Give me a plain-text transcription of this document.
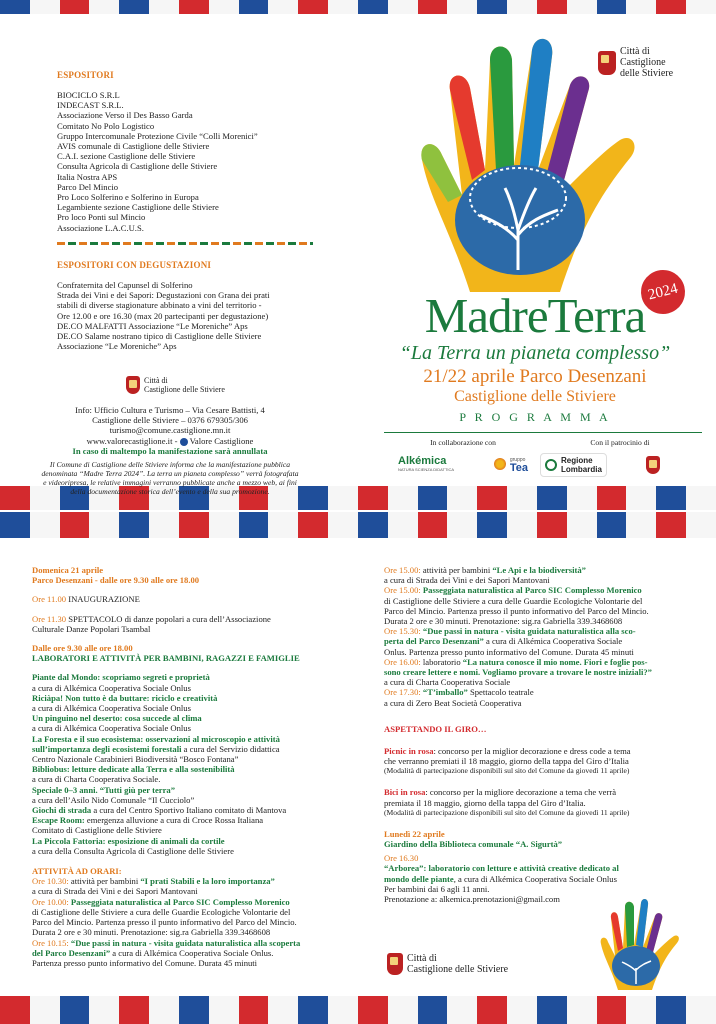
ESPOSITORI
BIOCICLO S.R.L
INDECAST S.R.L.
Associazione Verso il Des Basso Garda
Comitato No Polo Logistico
Gruppo Intercomunale Protezione Civile “Colli Morenici”
AVIS comunale di Castiglione delle Stiviere
C.A.I. sezione Castiglione delle Stiviere
Consulta Agricola di Castiglione delle Stiviere
Italia Nostra APS
Parco Del Mincio
Pro Loco Solferino e Solferino in Europa
Legambiente sezione Castiglione delle Stiviere
Pro loco Ponti sul Mincio
Associazione L.A.C.U.S.
ESPOSITORI CON DEGUSTAZIONI
Confraternita del Capunsel di Solferino
Strada dei Vini e dei Sapori: Degustazioni con Grana dei prati
stabili di diverse stagionature abbinato a vini del territorio -
Ore 12.00 e ore 16.30 (max 20 partecipanti per degustazione)
DE.CO MALFATTI Associazione “Le Moreniche” Aps
DE.CO Salame nostrano tipico di Castiglione delle Stiviere
Associazione “Le Moreniche” Aps
Città di
Castiglione delle Stiviere
Info: Ufficio Cultura e Turismo – Via Cesare Battisti, 4
Castiglione delle Stiviere – 0376 679305/306
turismo@comune.castiglione.mn.it
www.valorecastiglione.it - Valore Castiglione
In caso di maltempo la manifestazione sarà annullata
Il Comune di Castiglione delle Stiviere informa che la manifestazione pubblica
denominata “Madre Terra 2024”. La terra un pianeta complesso” verrà fotografata
e videoripresa, le relative immagini verranno pubblicate anche a mezzo web, ai fini
della documentazione storica dell’evento e della sua promozione.
Città di
Castiglione
delle Stiviere
2024
MadreTerra
“La Terra un pianeta complesso”
21/22 aprile Parco Desenzani
Castiglione delle Stiviere
P R O G R A M M A
In collaborazione con
Alkémica
NATURA SCIENZA DIDATTICA
gruppo
Tea
Con il patrocinio di
Regione
Lombardia
Domenica 21 aprile
Parco Desenzani - dalle ore 9.30 alle ore 18.00
Ore 11.00 INAUGURAZIONE
Ore 11.30 SPETTACOLO di danze popolari a cura dell’Associazione
Culturale Danze Popolari Tsambal
Dalle ore 9.30 alle ore 18.00
LABORATORI E ATTIVITÀ PER BAMBINI, RAGAZZI E FAMIGLIE
Piante dal Mondo: scopriamo segreti e proprietà
a cura di Alkémica Cooperativa Sociale Onlus
Riciàpa! Non tutto è da buttare: riciclo e creatività
a cura di Alkémica Cooperativa Sociale Onlus
Un pinguino nel deserto: cosa succede al clima
a cura di Alkémica Cooperativa Sociale Onlus
La Foresta e il suo ecosistema: osservazioni al microscopio e attività
sull’importanza degli ecosistemi forestali a cura del Servizio didattica
Centro Nazionale Carabinieri Biodiversità “Bosco Fontana”
Bibliobus: letture dedicate alla Terra e alla sostenibilità
a cura di Charta Cooperativa Sociale.
Speciale 0–3 anni. “Tutti giù per terra”
a cura dell’Asilo Nido Comunale “Il Cucciolo”
Giochi di strada a cura del Centro Sportivo Italiano comitato di Mantova
Escape Room: emergenza alluvione a cura di Croce Rossa Italiana
Comitato di Castiglione delle Stiviere
La Piccola Fattoria: esposizione di animali da cortile
a cura della Consulta Agricola di Castiglione delle Stiviere
ATTIVITÀ AD ORARI:
Ore 10.30: attività per bambini “I prati Stabili e la loro importanza”
a cura di Strada dei Vini e dei Sapori Mantovani
Ore 10.00: Passeggiata naturalistica al Parco SIC Complesso Morenico
di Castiglione delle Stiviere a cura delle Guardie Ecologiche Volontarie del
Parco del Mincio. Partenza presso il punto informativo del Parco del Mincio.
Durata 2 ore e 30 minuti. Prenotazione: sig.ra Gabriella 339.3468608
Ore 10.15: “Due passi in natura - visita guidata naturalistica alla scoperta
del Parco Desenzani” a cura di Alkémica Cooperativa Sociale Onlus.
Partenza presso punto informativo del Comune. Durata 45 minuti
Ore 15.00: attività per bambini “Le Api e la biodiversità”
a cura di Strada dei Vini e dei Sapori Mantovani
Ore 15.00: Passeggiata naturalistica al Parco SIC Complesso Morenico
di Castiglione delle Stiviere a cura delle Guardie Ecologiche Volontarie del
Parco del Mincio. Partenza presso il punto informativo del Parco del Mincio.
Durata 2 ore e 30 minuti. Prenotazione: sig.ra Gabriella 339.3468608
Ore 15.30: “Due passi in natura - visita guidata naturalistica alla sco-
perta del Parco Desenzani” a cura di Alkémica Cooperativa Sociale
Onlus. Partenza presso punto informativo del Comune. Durata 45 minuti
Ore 16.00: laboratorio “La natura conosce il mio nome. Fiori e foglie pos-
sono creare lettere e nomi. Vogliamo provare a trovare le nostre iniziali?”
a cura di Charta Cooperativa Sociale
Ore 17.30: “T’imballo” Spettacolo teatrale
a cura di Zero Beat Società Cooperativa
ASPETTANDO IL GIRO…
Picnic in rosa: concorso per la miglior decorazione e dress code a tema
che verranno premiati il 18 maggio, giorno della tappa del Giro d’Italia
(Modalità di partecipazione disponibili sul sito del Comune da giovedì 11 aprile)
Bici in rosa: concorso per la migliore decorazione a tema che verrà
premiata il 18 maggio, giorno della tappa del Giro d’Italia.
(Modalità di partecipazione disponibili sul sito del Comune da giovedì 11 aprile)
Lunedì 22 aprile
Giardino della Biblioteca comunale “A. Sigurtà”
Ore 16.30
“Arborea”: laboratorio con letture e attività creative dedicato al
mondo delle piante, a cura di Alkémica Cooperativa Sociale Onlus
Per bambini dai 6 agli 11 anni.
Prenotazione a: alkemica.prenotazioni@gmail.com
Città di
Castiglione delle Stiviere
